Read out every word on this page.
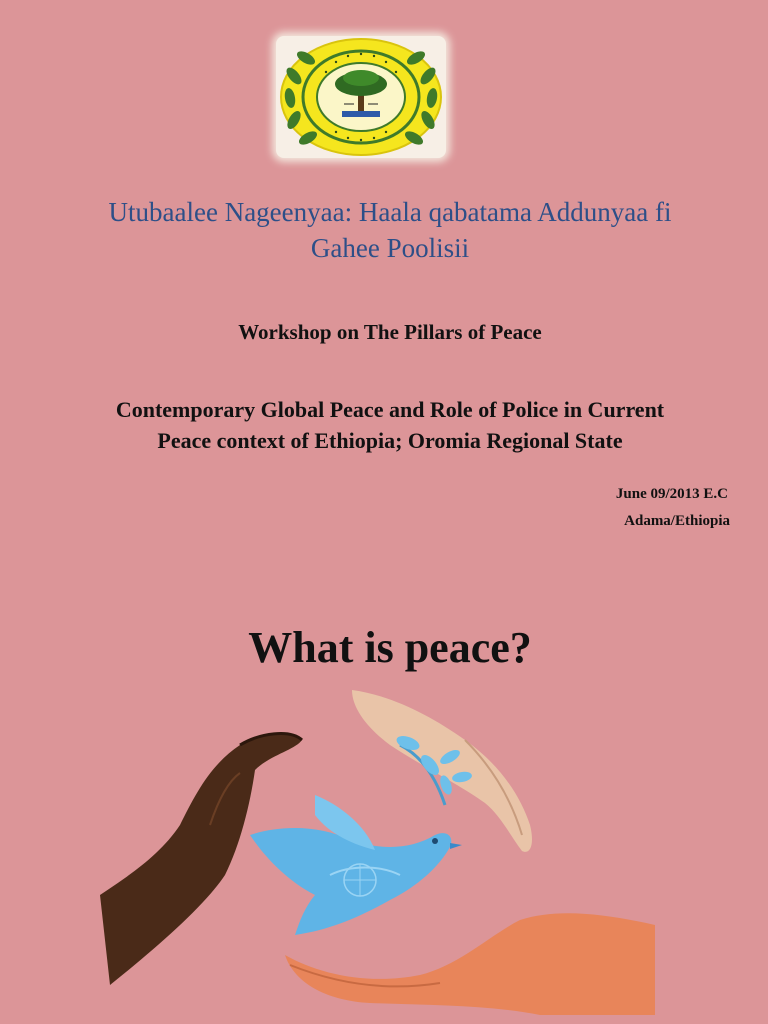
Utubaalee Nageenyaa: Haala qabatama Addunyaa fi
Gahee Poolisii
Workshop on The Pillars of Peace
Contemporary Global Peace and Role of Police in Current
Peace context of Ethiopia; Oromia Regional State
June 09/2013 E.C
Adama/Ethiopia
What is peace?
